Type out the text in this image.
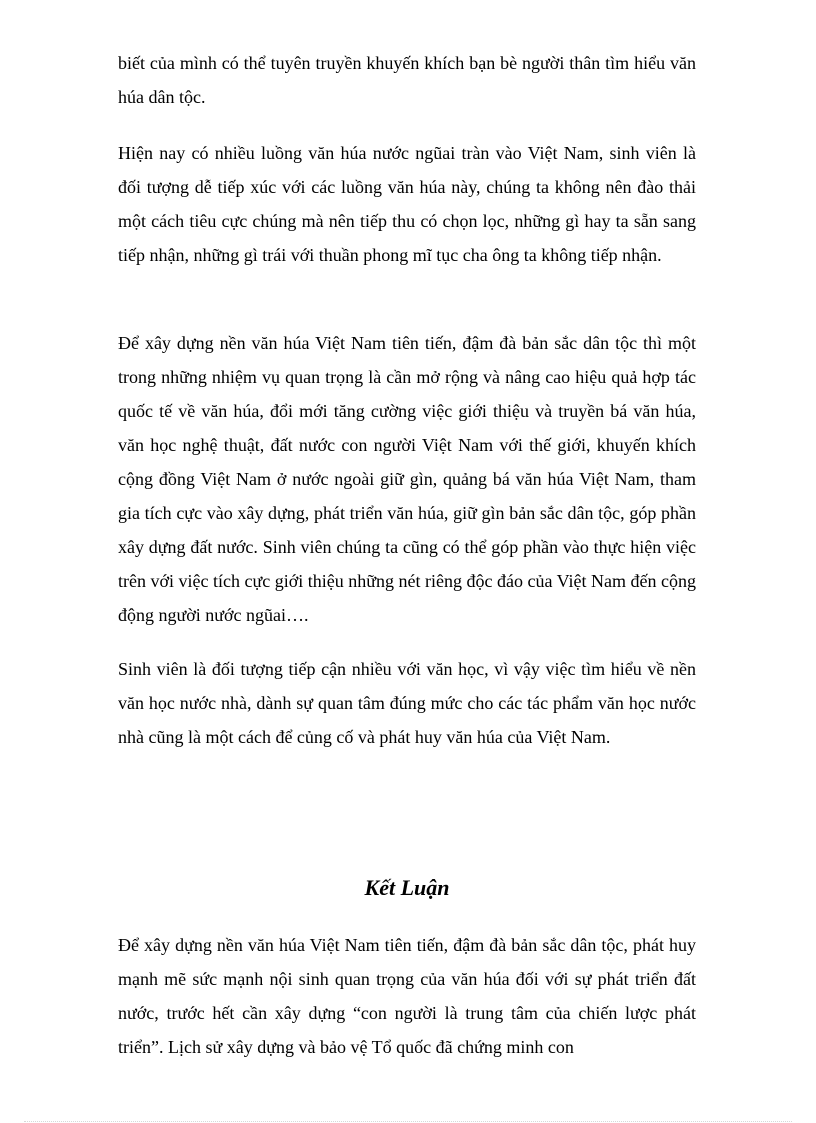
biết của mình có thể tuyên truyền khuyến khích bạn bè người thân tìm hiểu văn húa dân tộc.

Hiện nay có nhiều luồng văn húa nước ngũai tràn vào Việt Nam, sinh viên là đối tượng dễ tiếp xúc với các luồng văn húa này, chúng ta không nên đào thải một cách tiêu cực chúng mà nên tiếp thu có chọn lọc, những gì hay ta sẵn sang tiếp nhận, những gì trái với thuần phong mĩ tục cha ông ta không tiếp nhận.

Để xây dựng nền văn húa Việt Nam tiên tiến, đậm đà bản sắc dân tộc thì một trong những nhiệm vụ quan trọng là cần mở rộng và nâng cao hiệu quả hợp tác quốc tế về văn húa, đổi mới tăng cường việc giới thiệu và truyền bá văn húa, văn học nghệ thuật, đất nước con người Việt Nam với thế giới, khuyến khích cộng đồng Việt Nam ở nước ngoài giữ gìn, quảng bá văn húa Việt Nam, tham gia tích cực vào xây dựng, phát triển văn húa, giữ gìn bản sắc dân tộc, góp phần xây dựng đất nước. Sinh viên chúng ta cũng có thể góp phần vào thực hiện việc trên với việc tích cực giới thiệu những nét riêng độc đáo của Việt Nam đến cộng động người nước ngũai….

Sinh viên là đối tượng tiếp cận nhiều với văn học, vì vậy việc tìm hiểu về nền văn học nước nhà, dành sự quan tâm đúng mức cho các tác phẩm văn học nước nhà cũng là một cách để củng cố và phát huy văn húa của Việt Nam.

Kết Luận

Để xây dựng nền văn húa Việt Nam tiên tiến, đậm đà bản sắc dân tộc, phát huy mạnh mẽ sức mạnh nội sinh quan trọng của văn húa đối với sự phát triển đất nước, trước hết cần xây dựng “con người là trung tâm của chiến lược phát triển”. Lịch sử xây dựng và bảo vệ Tổ quốc đã chứng minh con
